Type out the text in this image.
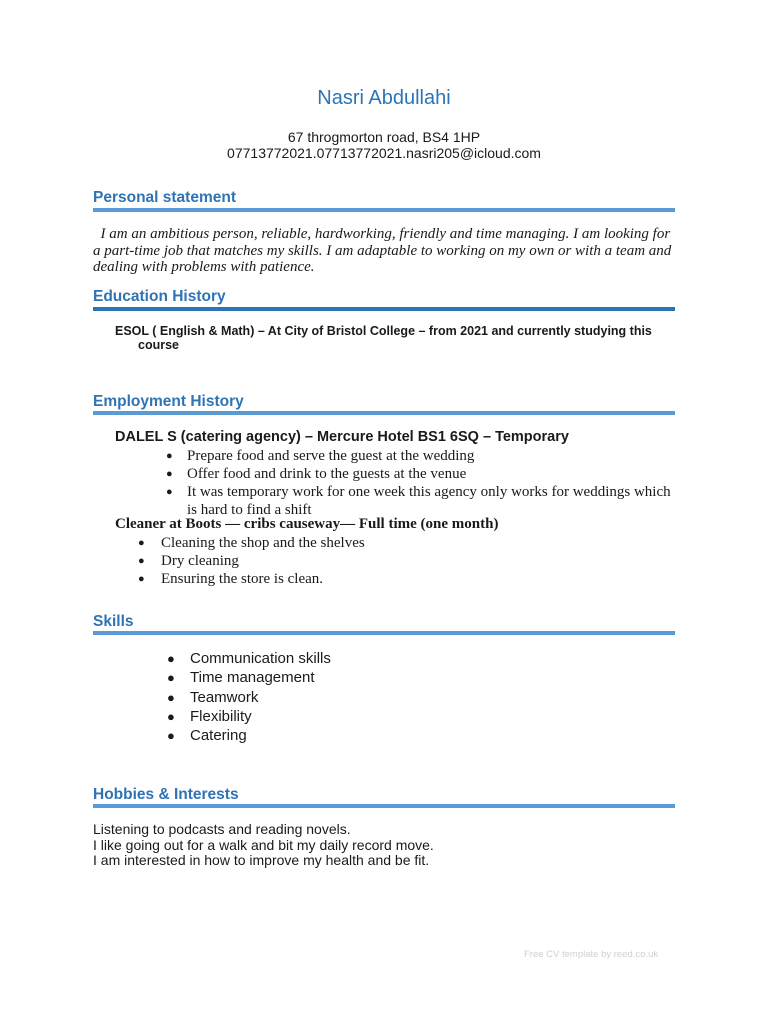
Nasri Abdullahi
67 throgmorton road, BS4 1HP
07713772021.07713772021.nasri205@icloud.com
Personal statement
I am an ambitious person, reliable, hardworking, friendly and time managing. I am looking for a part-time job that matches my skills. I am adaptable to working on my own or with a team and dealing with problems with patience.
Education History
ESOL ( English & Math) – At City of Bristol College – from 2021 and currently studying this
course
Employment History
DALEL S (catering agency) – Mercure Hotel BS1 6SQ – Temporary
● Prepare food and serve the guest at the wedding
● Offer food and drink to the guests at the venue
● It was temporary work for one week this agency only works for weddings which is hard to find a shift
Cleaner at Boots — cribs causeway— Full time (one month)
● Cleaning the shop and the shelves
● Dry cleaning
● Ensuring the store is clean.
Skills
● Communication skills
● Time management
● Teamwork
● Flexibility
● Catering
Hobbies & Interests
Listening to podcasts and reading novels.
I like going out for a walk and bit my daily record move.
I am interested in how to improve my health and be fit.
Free CV template by reed.co.uk
